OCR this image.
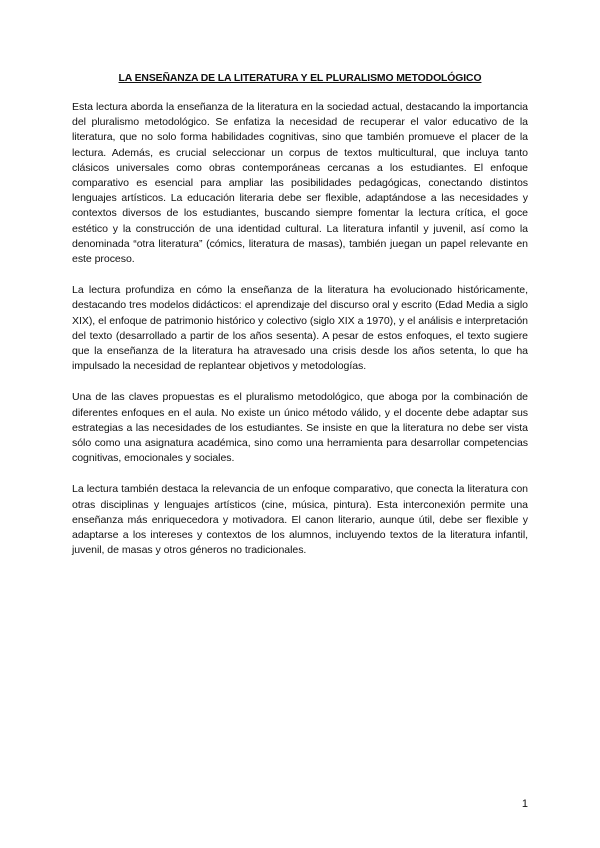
LA ENSEÑANZA DE LA LITERATURA Y EL PLURALISMO METODOLÓGICO

Esta lectura aborda la enseñanza de la literatura en la sociedad actual, destacando la importancia del pluralismo metodológico. Se enfatiza la necesidad de recuperar el valor educativo de la literatura, que no solo forma habilidades cognitivas, sino que también promueve el placer de la lectura. Además, es crucial seleccionar un corpus de textos multicultural, que incluya tanto clásicos universales como obras contemporáneas cercanas a los estudiantes. El enfoque comparativo es esencial para ampliar las posibilidades pedagógicas, conectando distintos lenguajes artísticos. La educación literaria debe ser flexible, adaptándose a las necesidades y contextos diversos de los estudiantes, buscando siempre fomentar la lectura crítica, el goce estético y la construcción de una identidad cultural. La literatura infantil y juvenil, así como la denominada “otra literatura” (cómics, literatura de masas), también juegan un papel relevante en este proceso.

La lectura profundiza en cómo la enseñanza de la literatura ha evolucionado históricamente, destacando tres modelos didácticos: el aprendizaje del discurso oral y escrito (Edad Media a siglo XIX), el enfoque de patrimonio histórico y colectivo (siglo XIX a 1970), y el análisis e interpretación del texto (desarrollado a partir de los años sesenta). A pesar de estos enfoques, el texto sugiere que la enseñanza de la literatura ha atravesado una crisis desde los años setenta, lo que ha impulsado la necesidad de replantear objetivos y metodologías.

Una de las claves propuestas es el pluralismo metodológico, que aboga por la combinación de diferentes enfoques en el aula. No existe un único método válido, y el docente debe adaptar sus estrategias a las necesidades de los estudiantes. Se insiste en que la literatura no debe ser vista sólo como una asignatura académica, sino como una herramienta para desarrollar competencias cognitivas, emocionales y sociales.

La lectura también destaca la relevancia de un enfoque comparativo, que conecta la literatura con otras disciplinas y lenguajes artísticos (cine, música, pintura). Esta interconexión permite una enseñanza más enriquecedora y motivadora. El canon literario, aunque útil, debe ser flexible y adaptarse a los intereses y contextos de los alumnos, incluyendo textos de la literatura infantil, juvenil, de masas y otros géneros no tradicionales.

1
